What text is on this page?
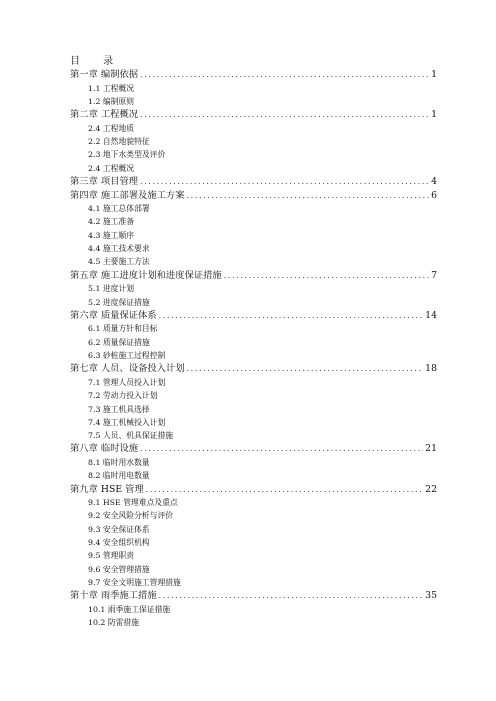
目 录
第一章 编制依据 .....	1
1.1 工程概况
1.2 编制原则
第二章 工程概况 .....	1
2.4 工程地质
2.2 自然地貌特征
2.3 地下水类型及评价
2.4 工程概况
第三章 项目管理 .....	4
第四章 施工部署及施工方案 .....	6
4.1 施工总体部署
4.2 施工准备
4.3 施工顺序
4.4 施工技术要求
4.5 主要施工方法
第五章 施工进度计划和进度保证措施 .....	7
5.1 进度计划
5.2 进度保证措施
第六章 质量保证体系 .....	14
6.1 质量方针和目标
6.2 质量保证措施
6.3 砂桩施工过程控制
第七章 人员、设备投入计划 .....	18
7.1 管理人员投入计划
7.2 劳动力投入计划
7.3 施工机具选择
7.4 施工机械投入计划
7.5 人员、机具保证措施
第八章 临时设施 .....	21
8.1 临时用水数量
8.2 临时用电数量
第九章 HSE 管理 .....	22
9.1 HSE 管理难点及重点
9.2 安全风险分析与评价
9.3 安全保证体系
9.4 安全组织机构
9.5 管理职责
9.6 安全管理措施
9.7 安全文明施工管理措施
第十章 雨季施工措施 .....	35
10.1 雨季施工保证措施
10.2 防雷措施
